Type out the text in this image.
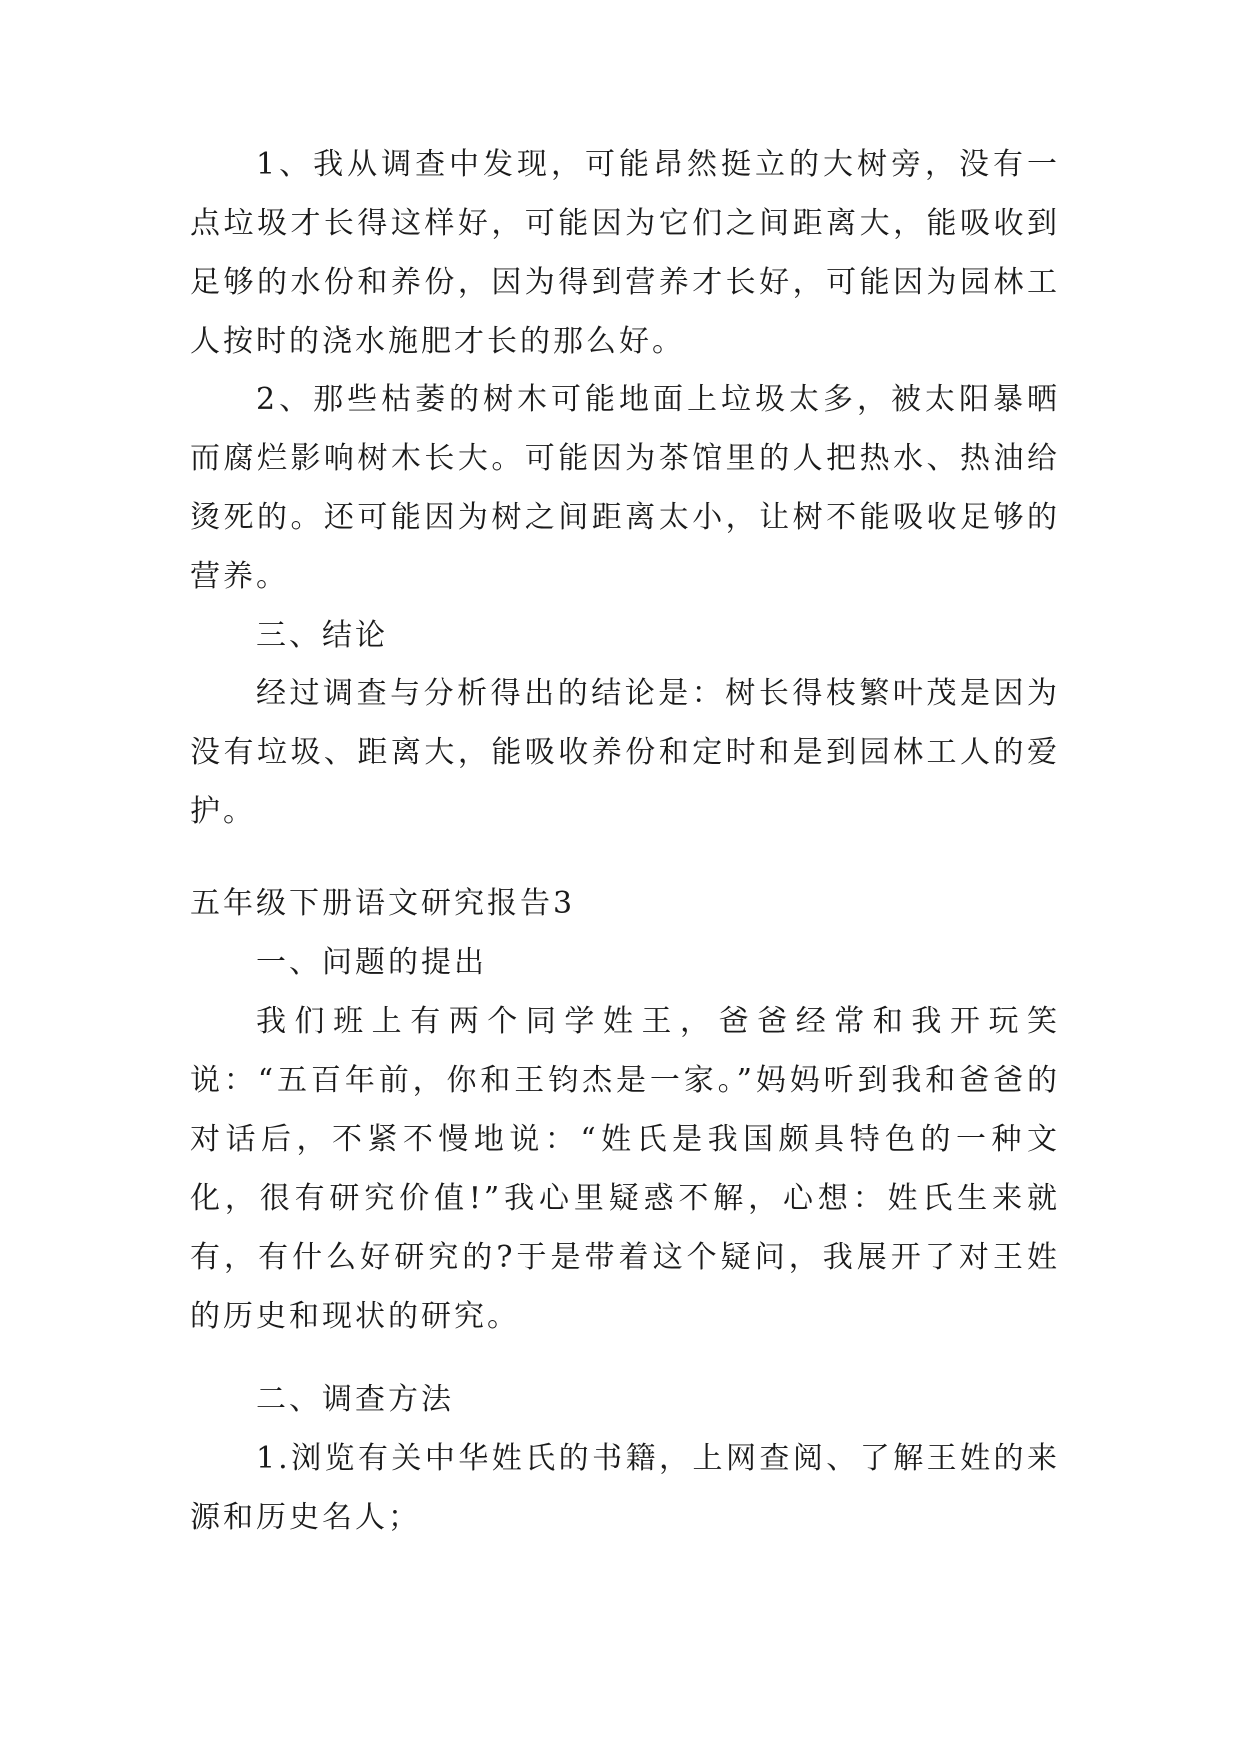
1、我从调查中发现，可能昂然挺立的大树旁，没有一点垃圾才长得这样好，可能因为它们之间距离大，能吸收到足够的水份和养份，因为得到营养才长好，可能因为园林工人按时的浇水施肥才长的那么好。

2、那些枯萎的树木可能地面上垃圾太多，被太阳暴晒而腐烂影响树木长大。可能因为茶馆里的人把热水、热油给烫死的。还可能因为树之间距离太小，让树不能吸收足够的营养。

三、结论

经过调查与分析得出的结论是：树长得枝繁叶茂是因为没有垃圾、距离大，能吸收养份和定时和是到园林工人的爱护。

五年级下册语文研究报告3

一、问题的提出

我们班上有两个同学姓王，爸爸经常和我开玩笑说：“五百年前，你和王钧杰是一家。”妈妈听到我和爸爸的对话后，不紧不慢地说：“姓氏是我国颇具特色的一种文化，很有研究价值!”我心里疑惑不解，心想：姓氏生来就有，有什么好研究的?于是带着这个疑问，我展开了对王姓的历史和现状的研究。

二、调查方法

1.浏览有关中华姓氏的书籍，上网查阅、了解王姓的来源和历史名人；
